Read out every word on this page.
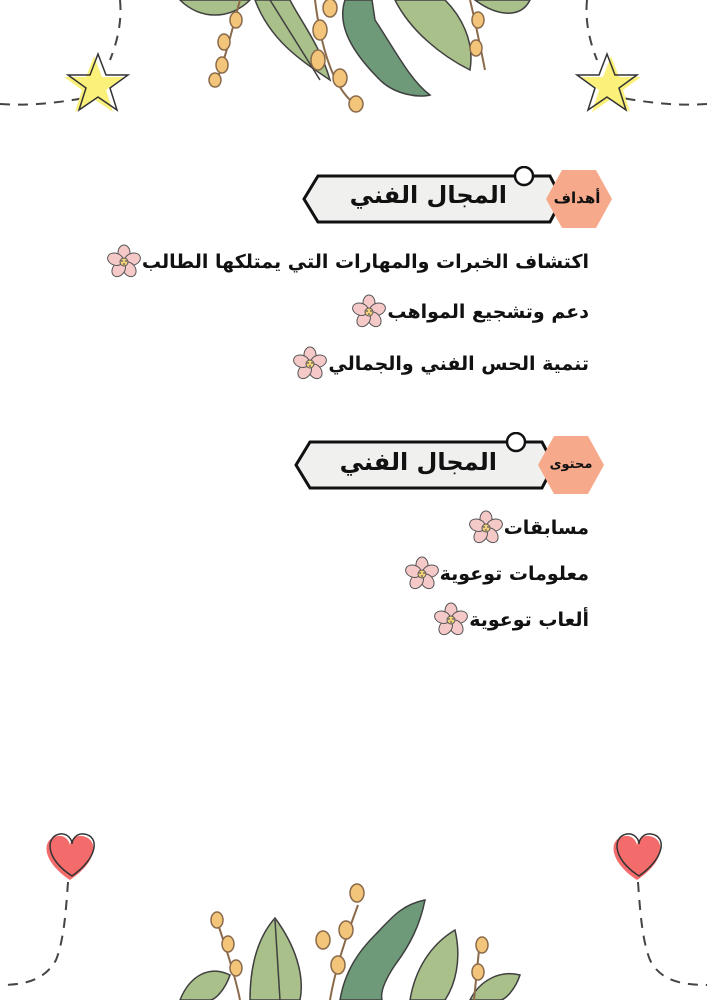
المجال الفني	أهداف
اكتشاف الخبرات والمهارات التي يمتلكها الطالب
دعم وتشجيع المواهب
تنمية الحس الفني والجمالي
المجال الفني	محتوى
مسابقات
معلومات توعوية
ألعاب توعوية
